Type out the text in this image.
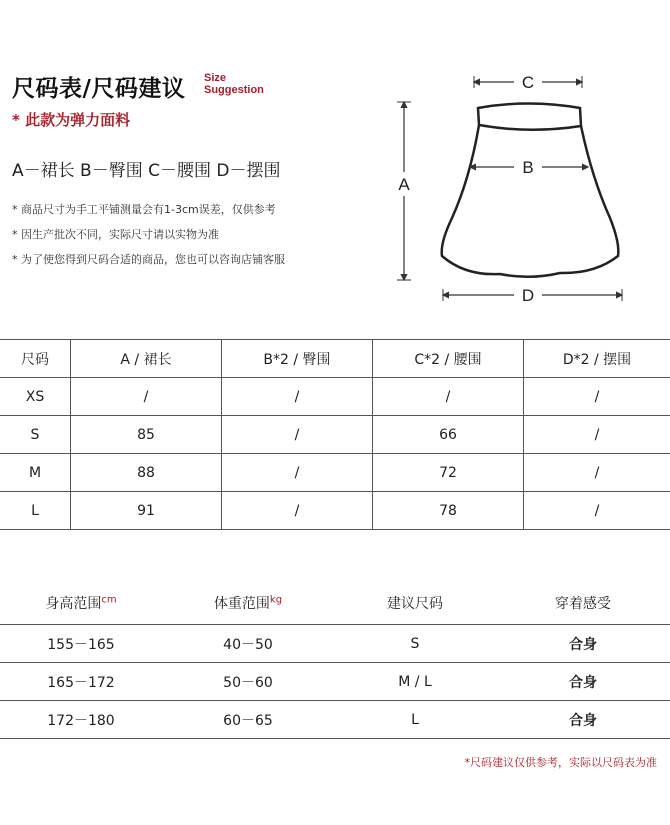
尺码表/尺码建议 Size
Suggestion
* 此款为弹力面料
A－裙长 B－臀围 C－腰围 D－摆围
* 商品尺寸为手工平铺测量会有1-3cm误差，仅供参考
* 因生产批次不同，实际尺寸请以实物为准
* 为了使您得到尺码合适的商品，您也可以咨询店铺客服
C
B
A
D
尺码	A / 裙长	B*2 / 臀围	C*2 / 腰围	D*2 / 摆围
XS	/	/	/	/
S	85	/	66	/
M	88	/	72	/
L	91	/	78	/
身高范围$^{cm}$	体重范围$^{kg}$	建议尺码	穿着感受
155－165	40－50	S	合身
165－172	50－60	M / L	合身
172－180	60－65	L	合身
*尺码建议仅供参考，实际以尺码表为准
